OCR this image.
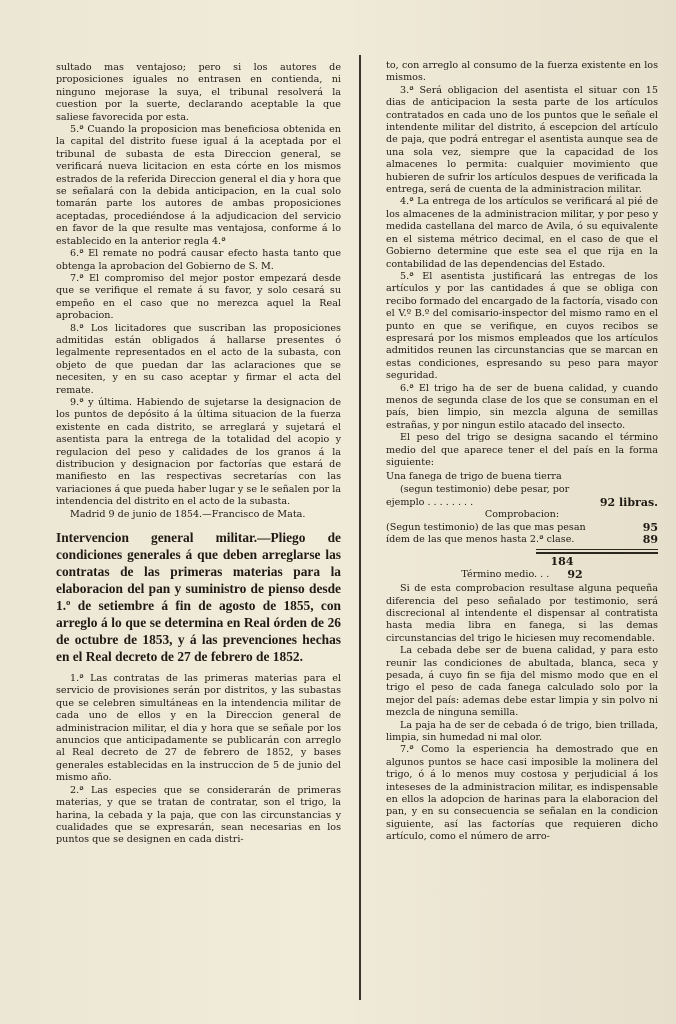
sultado mas ventajoso; pero si los autores de proposiciones iguales no entrasen en contienda, ni ninguno mejorase la suya, el tribunal resolverá la cuestion por la suerte, declarando aceptable la que saliese favorecida por esta.

5.ª Cuando la proposicion mas beneficiosa obtenida en la capital del distrito fuese igual á la aceptada por el tribunal de subasta de esta Direccion general, se verificará nueva licitacion en esta córte en los mismos estrados de la referida Direccion general el dia y hora que se señalará con la debida anticipacion, en la cual solo tomarán parte los autores de ambas proposiciones aceptadas, procediéndose á la adjudicacion del servicio en favor de la que resulte mas ventajosa, conforme á lo establecido en la anterior regla 4.ª

6.ª El remate no podrá causar efecto hasta tanto que obtenga la aprobacion del Gobierno de S. M.

7.ª El compromiso del mejor postor empezará desde que se verifique el remate á su favor, y solo cesará su empeño en el caso que no merezca aquel la Real aprobacion.

8.ª Los licitadores que suscriban las proposiciones admitidas están obligados á hallarse presentes ó legalmente representados en el acto de la subasta, con objeto de que puedan dar las aclaraciones que se necesiten, y en su caso aceptar y firmar el acta del remate.

9.ª y última. Habiendo de sujetarse la designacion de los puntos de depósito á la última situacion de la fuerza existente en cada distrito, se arreglará y sujetará el asentista para la entrega de la totalidad del acopio y regulacion del peso y calidades de los granos á la distribucion y designacion por factorías que estará de manifiesto en las respectivas secretarías con las variaciones á que pueda haber lugar y se le señalen por la intendencia del distrito en el acto de la subasta.

Madrid 9 de junio de 1854.—Francisco de Mata.

Intervencion general militar.—Pliego de condiciones generales á que deben arreglarse las contratas de las primeras materias para la elaboracion del pan y suministro de pienso desde 1.º de setiembre á fin de agosto de 1855, con arreglo á lo que se determina en Real órden de 26 de octubre de 1853, y á las prevenciones hechas en el Real decreto de 27 de febrero de 1852.

1.ª Las contratas de las primeras materias para el servicio de provisiones serán por distritos, y las subastas que se celebren simultáneas en la intendencia militar de cada uno de ellos y en la Direccion general de administracion militar, el dia y hora que se señale por los anuncios que anticipadamente se publicarán con arreglo al Real decreto de 27 de febrero de 1852, y bases generales establecidas en la instruccion de 5 de junio del mismo año.

2.ª Las especies que se considerarán de primeras materias, y que se tratan de contratar, son el trigo, la harina, la cebada y la paja, que con las circunstancias y cualidades que se expresarán, sean necesarias en los puntos que se designen en cada distri-

to, con arreglo al consumo de la fuerza existente en los mismos.

3.ª Será obligacion del asentista el situar con 15 dias de anticipacion la sesta parte de los artículos contratados en cada uno de los puntos que le señale el intendente militar del distrito, á escepcion del artículo de paja, que podrá entregar el asentista aunque sea de una sola vez, siempre que la capacidad de los almacenes lo permita: cualquier movimiento que hubieren de sufrir los artículos despues de verificada la entrega, será de cuenta de la administracion militar.

4.ª La entrega de los artículos se verificará al pié de los almacenes de la administracion militar, y por peso y medida castellana del marco de Avila, ó su equivalente en el sistema métrico decimal, en el caso de que el Gobierno determine que este sea el que rija en la contabilidad de las dependencias del Estado.

5.ª El asentista justificará las entregas de los artículos y por las cantidades á que se obliga con recibo formado del encargado de la factoría, visado con el V.º B.º del comisario-inspector del mismo ramo en el punto en que se verifique, en cuyos recibos se espresará por los mismos empleados que los artículos admitidos reunen las circunstancias que se marcan en estas condiciones, espresando su peso para mayor seguridad.

6.ª El trigo ha de ser de buena calidad, y cuando menos de segunda clase de los que se consuman en el país, bien limpio, sin mezcla alguna de semillas estrañas, y por ningun estilo atacado del insecto.

El peso del trigo se designa sacando el término medio del que aparece tener el del país en la forma siguiente:

Una fanega de trigo de buena tierra
(segun testimonio) debe pesar, por
ejemplo . . . . . . . .	92 libras.
Comprobacion:
(Segun testimonio) de las que mas pesan	95
ídem de las que menos hasta 2.ª clase.	89
184
Término medio. . . 92

Si de esta comprobacion resultase alguna pequeña diferencia del peso señalado por testimonio, será discrecional al intendente el dispensar al contratista hasta media libra en fanega, si las demas circunstancias del trigo le hiciesen muy recomendable.

La cebada debe ser de buena calidad, y para esto reunir las condiciones de abultada, blanca, seca y pesada, á cuyo fin se fija del mismo modo que en el trigo el peso de cada fanega calculado solo por la mejor del país: ademas debe estar limpia y sin polvo ni mezcla de ninguna semilla.

La paja ha de ser de cebada ó de trigo, bien trillada, limpia, sin humedad ni mal olor.

7.ª Como la esperiencia ha demostrado que en algunos puntos se hace casi imposible la molinera del trigo, ó á lo menos muy costosa y perjudicial á los inteseses de la administracion militar, es indispensable en ellos la adopcion de harinas para la elaboracion del pan, y en su consecuencia se señalan en la condicion siguiente, así las factorías que requieren dicho artículo, como el número de arro-
